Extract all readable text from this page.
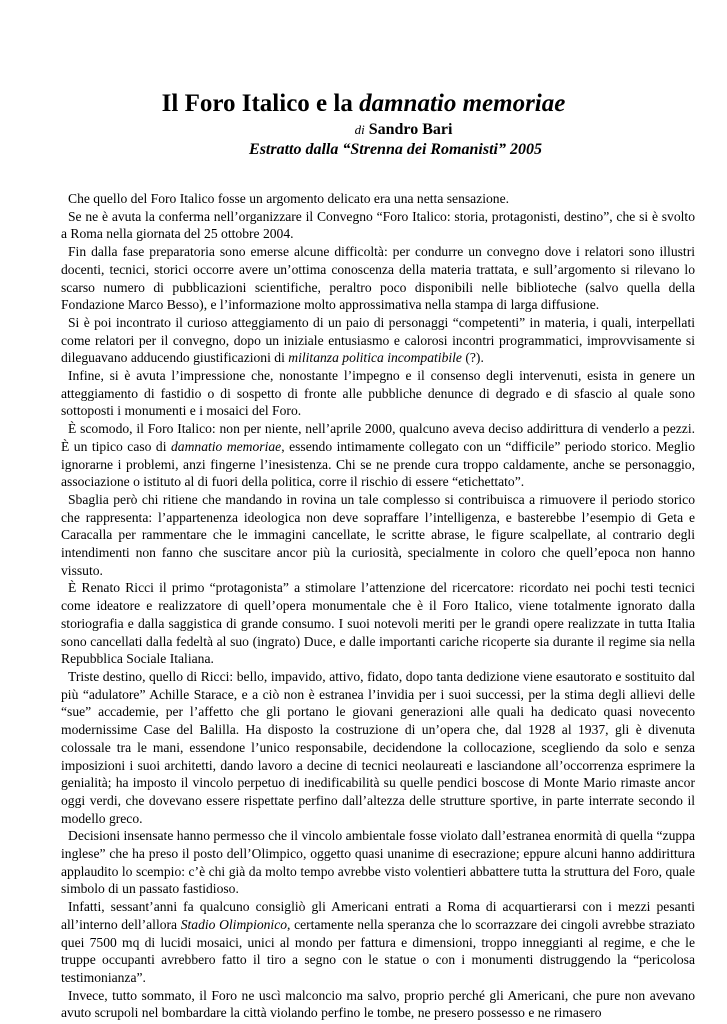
Il Foro Italico e la damnatio memoriae
di Sandro Bari
Estratto dalla “Strenna dei Romanisti” 2005

Che quello del Foro Italico fosse un argomento delicato era una netta sensazione.

Se ne è avuta la conferma nell’organizzare il Convegno “Foro Italico: storia, protagonisti, destino”, che si è svolto a Roma nella giornata del 25 ottobre 2004.

Fin dalla fase preparatoria sono emerse alcune difficoltà: per condurre un convegno dove i relatori sono illustri docenti, tecnici, storici occorre avere un’ottima conoscenza della materia trattata, e sull’argomento si rilevano lo scarso numero di pubblicazioni scientifiche, peraltro poco disponibili nelle biblioteche (salvo quella della Fondazione Marco Besso), e l’informazione molto approssimativa nella stampa di larga diffusione.

Si è poi incontrato il curioso atteggiamento di un paio di personaggi “competenti” in materia, i quali, interpellati come relatori per il convegno, dopo un iniziale entusiasmo e calorosi incontri programmatici, improvvisamente si dileguavano adducendo giustificazioni di militanza politica incompatibile (?).

Infine, si è avuta l’impressione che, nonostante l’impegno e il consenso degli intervenuti, esista in genere un atteggiamento di fastidio o di sospetto di fronte alle pubbliche denunce di degrado e di sfascio al quale sono sottoposti i monumenti e i mosaici del Foro.

È scomodo, il Foro Italico: non per niente, nell’aprile 2000, qualcuno aveva deciso addirittura di venderlo a pezzi. È un tipico caso di damnatio memoriae, essendo intimamente collegato con un “difficile” periodo storico. Meglio ignorarne i problemi, anzi fingerne l’inesistenza. Chi se ne prende cura troppo caldamente, anche se personaggio, associazione o istituto al di fuori della politica, corre il rischio di essere “etichettato”.

Sbaglia però chi ritiene che mandando in rovina un tale complesso si contribuisca a rimuovere il periodo storico che rappresenta: l’appartenenza ideologica non deve sopraffare l’intelligenza, e basterebbe l’esempio di Geta e Caracalla per rammentare che le immagini cancellate, le scritte abrase, le figure scalpellate, al contrario degli intendimenti non fanno che suscitare ancor più la curiosità, specialmente in coloro che quell’epoca non hanno vissuto.

È Renato Ricci il primo “protagonista” a stimolare l’attenzione del ricercatore: ricordato nei pochi testi tecnici come ideatore e realizzatore di quell’opera monumentale che è il Foro Italico, viene totalmente ignorato dalla storiografia e dalla saggistica di grande consumo. I suoi notevoli meriti per le grandi opere realizzate in tutta Italia sono cancellati dalla fedeltà al suo (ingrato) Duce, e dalle importanti cariche ricoperte sia durante il regime sia nella Repubblica Sociale Italiana.

Triste destino, quello di Ricci: bello, impavido, attivo, fidato, dopo tanta dedizione viene esautorato e sostituito dal più “adulatore” Achille Starace, e a ciò non è estranea l’invidia per i suoi successi, per la stima degli allievi delle “sue” accademie, per l’affetto che gli portano le giovani generazioni alle quali ha dedicato quasi novecento modernissime Case del Balilla. Ha disposto la costruzione di un’opera che, dal 1928 al 1937, gli è divenuta colossale tra le mani, essendone l’unico responsabile, decidendone la collocazione, scegliendo da solo e senza imposizioni i suoi architetti, dando lavoro a decine di tecnici neolaureati e lasciandone all’occorrenza esprimere la genialità; ha imposto il vincolo perpetuo di inedificabilità su quelle pendici boscose di Monte Mario rimaste ancor oggi verdi, che dovevano essere rispettate perfino dall’altezza delle strutture sportive, in parte interrate secondo il modello greco.

Decisioni insensate hanno permesso che il vincolo ambientale fosse violato dall’estranea enormità di quella “zuppa inglese” che ha preso il posto dell’Olimpico, oggetto quasi unanime di esecrazione; eppure alcuni hanno addirittura applaudito lo scempio: c’è chi già da molto tempo avrebbe visto volentieri abbattere tutta la struttura del Foro, quale simbolo di un passato fastidioso.

Infatti, sessant’anni fa qualcuno consigliò gli Americani entrati a Roma di acquartierarsi con i mezzi pesanti all’interno dell’allora Stadio Olimpionico, certamente nella speranza che lo scorrazzare dei cingoli avrebbe straziato quei 7500 mq di lucidi mosaici, unici al mondo per fattura e dimensioni, troppo inneggianti al regime, e che le truppe occupanti avrebbero fatto il tiro a segno con le statue o con i monumenti distruggendo la “pericolosa testimonianza”.

Invece, tutto sommato, il Foro ne uscì malconcio ma salvo, proprio perché gli Americani, che pure non avevano avuto scrupoli nel bombardare la città violando perfino le tombe, ne presero possesso e ne rimasero
